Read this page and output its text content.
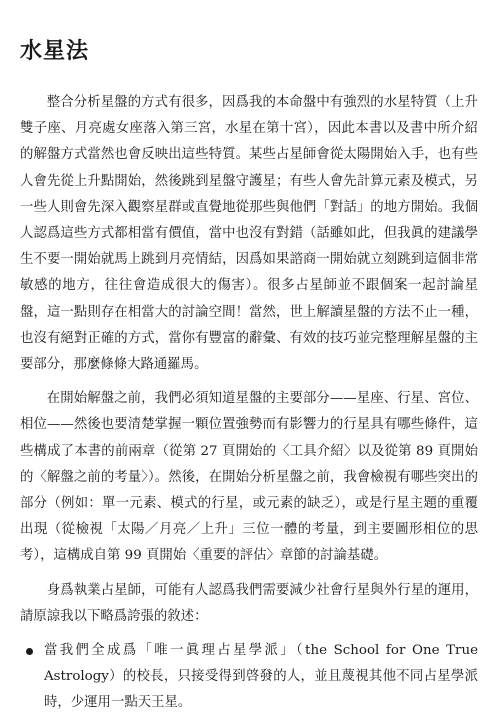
水星法

整合分析星盤的方式有很多，因爲我的本命盤中有強烈的水星特質（上升雙子座、月亮處女座落入第三宮，水星在第十宮），因此本書以及書中所介紹的解盤方式當然也會反映出這些特質。某些占星師會從太陽開始入手，也有些人會先從上升點開始，然後跳到星盤守護星；有些人會先計算元素及模式，另一些人則會先深入觀察星群或直覺地從那些與他們「對話」的地方開始。我個人認爲這些方式都相當有價值，當中也沒有對錯（話雖如此，但我眞的建議學生不要一開始就馬上跳到月亮情結，因爲如果諮商一開始就立刻跳到這個非常敏感的地方，往往會造成很大的傷害）。很多占星師並不跟個案一起討論星盤，這一點則存在相當大的討論空間！當然，世上解讀星盤的方法不止一種，也沒有絕對正確的方式，當你有豐富的辭彙、有效的技巧並完整理解星盤的主要部分，那麼條條大路通羅馬。

在開始解盤之前，我們必須知道星盤的主要部分——星座、行星、宮位、相位——然後也要清楚掌握一顆位置強勢而有影響力的行星具有哪些條件，這些構成了本書的前兩章（從第 27 頁開始的〈工具介紹〉以及從第 89 頁開始的〈解盤之前的考量〉）。然後，在開始分析星盤之前，我會檢視有哪些突出的部分（例如：單一元素、模式的行星，或元素的缺乏），或是行星主題的重覆出現（從檢視「太陽／月亮／上升」三位一體的考量，到主要圖形相位的思考），這構成自第 99 頁開始〈重要的評估〉章節的討論基礎。

身爲執業占星師，可能有人認爲我們需要減少社會行星與外行星的運用，請原諒我以下略爲誇張的敘述：

當我們全成爲「唯一眞理占星學派」（the School for One True Astrology）的校長，只接受得到啓發的人，並且蔑視其他不同占星學派時，少運用一點天王星。
